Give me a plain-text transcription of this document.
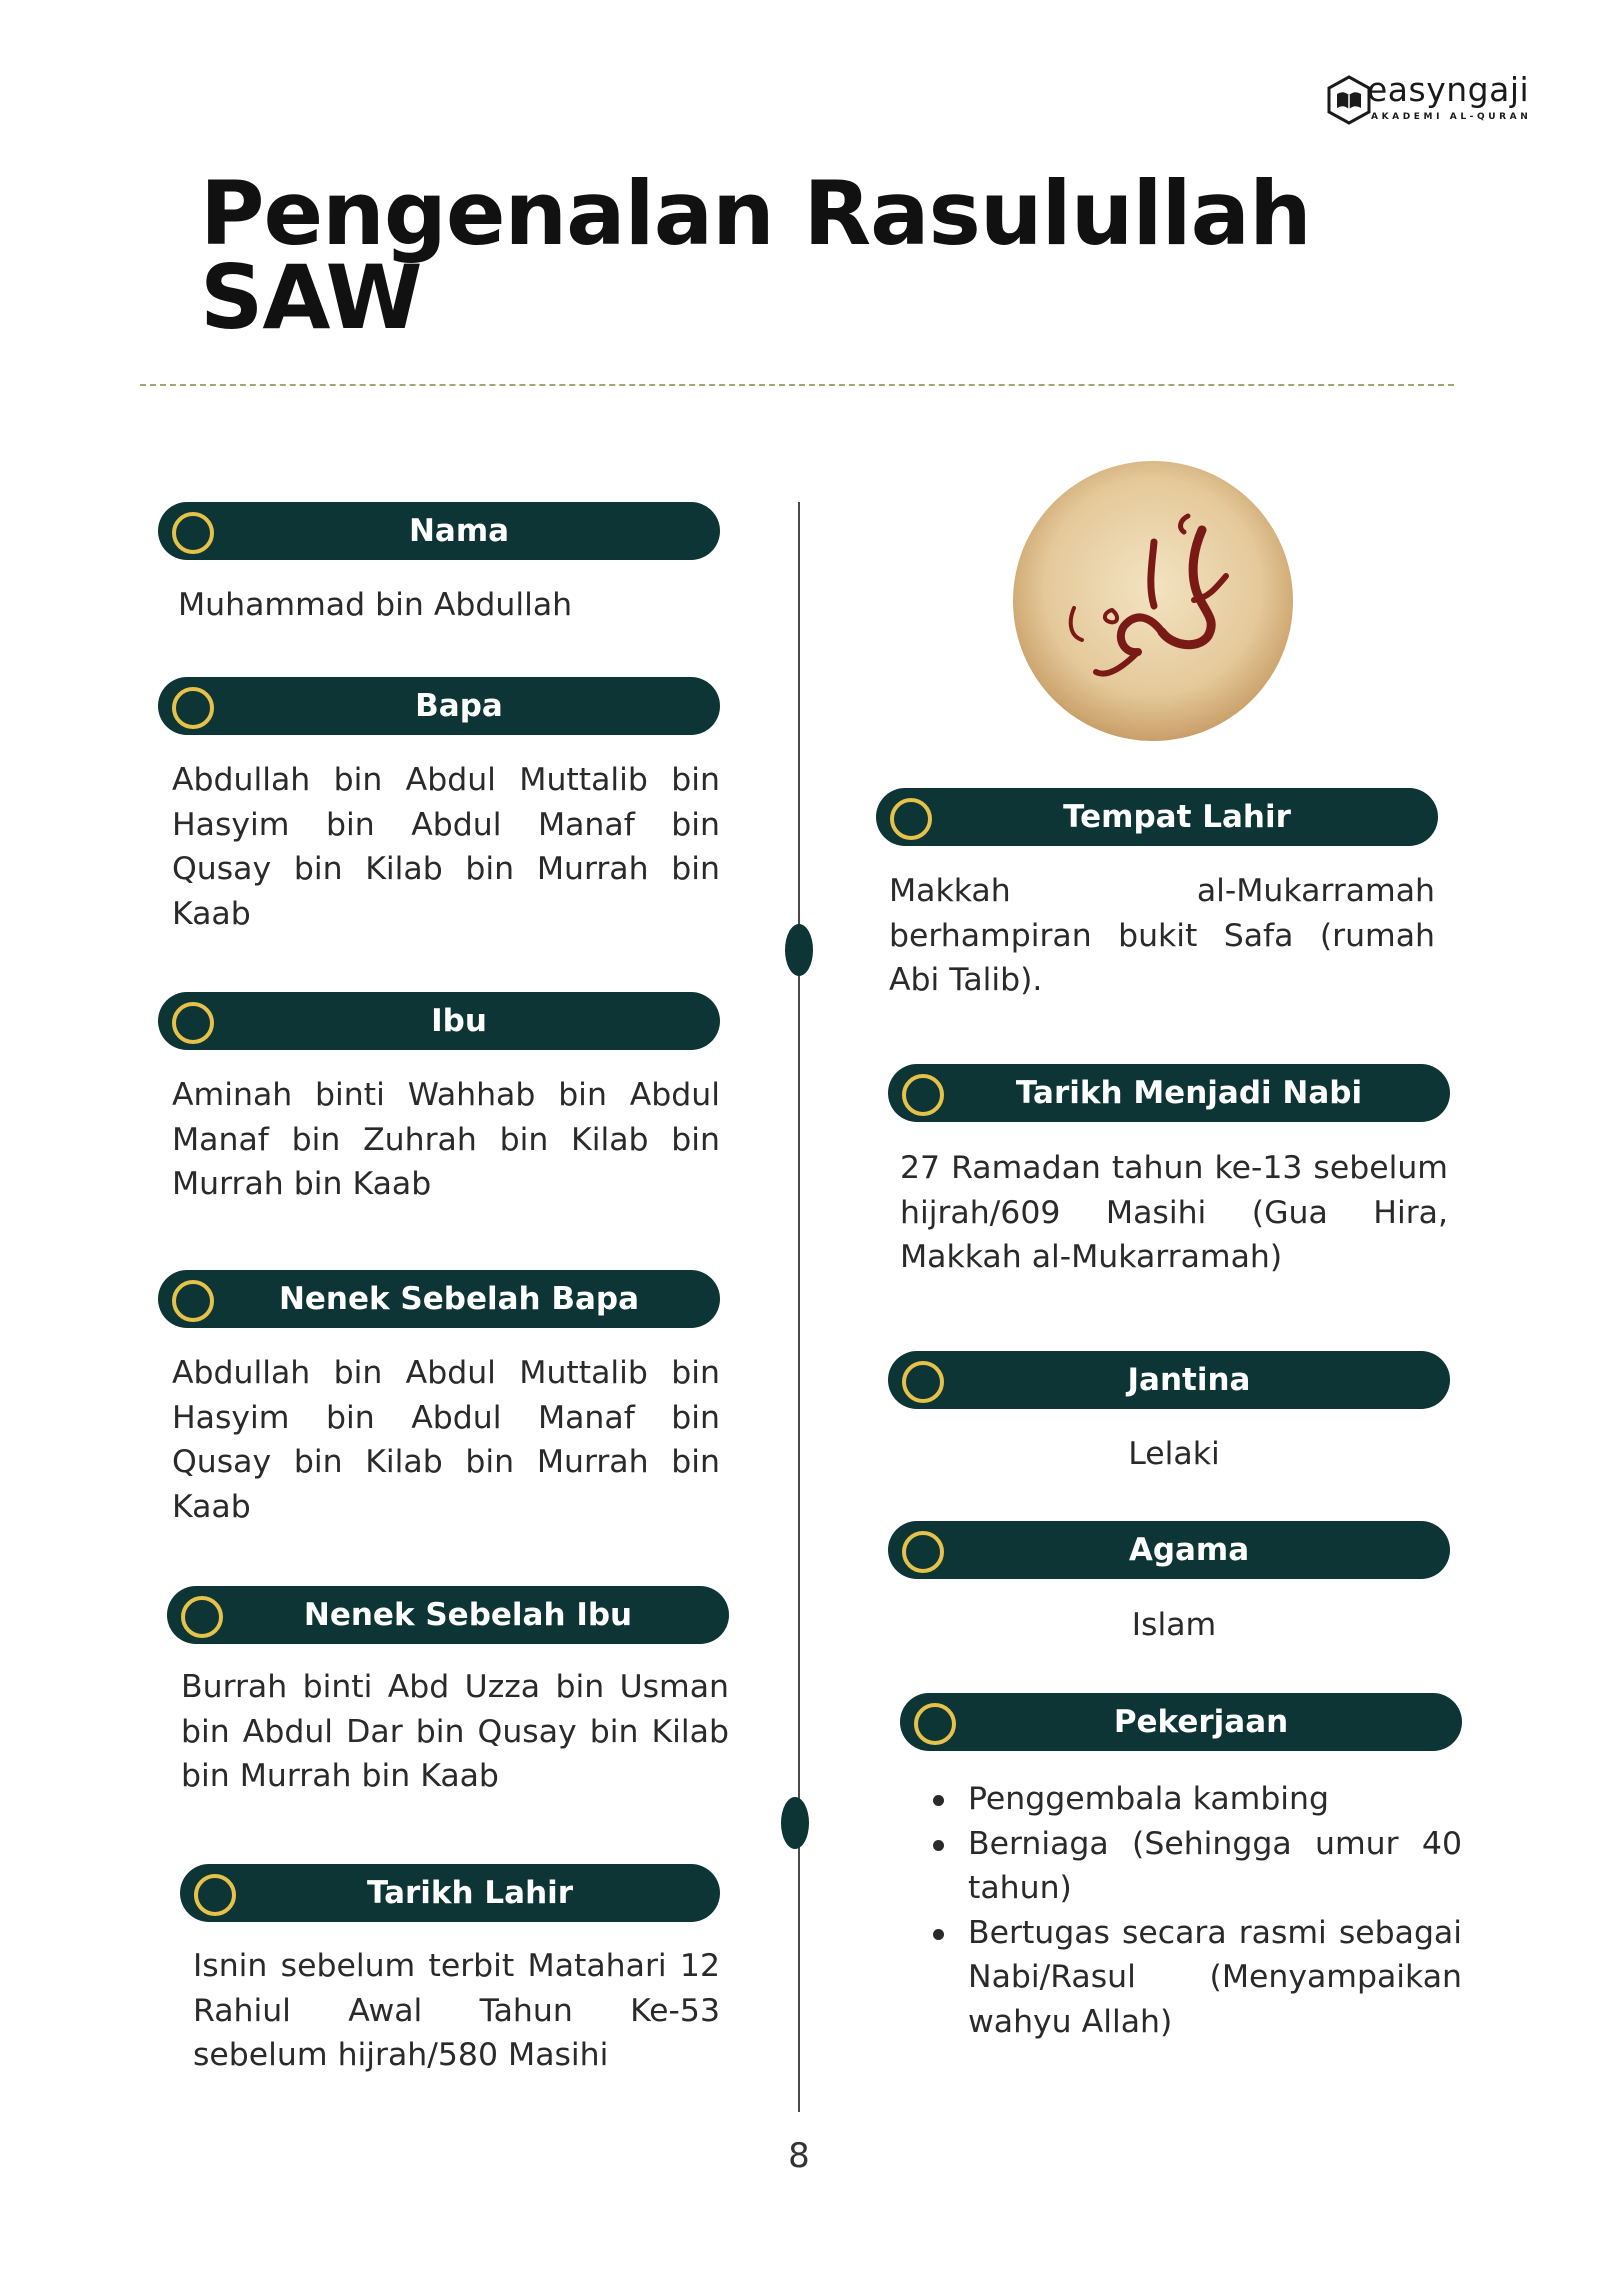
easyngaji
AKADEMI AL-QURAN
Pengenalan Rasulullah
SAW
Nama

Muhammad bin Abdullah

Bapa

Abdullah bin Abdul Muttalib bin Hasyim bin Abdul Manaf bin Qusay bin Kilab bin Murrah bin Kaab

Ibu

Aminah binti Wahhab bin Abdul Manaf bin Zuhrah bin Kilab bin Murrah bin Kaab

Nenek Sebelah Bapa

Abdullah bin Abdul Muttalib bin Hasyim bin Abdul Manaf bin Qusay bin Kilab bin Murrah bin Kaab

Nenek Sebelah Ibu

Burrah binti Abd Uzza bin Usman bin Abdul Dar bin Qusay bin Kilab bin Murrah bin Kaab

Tarikh Lahir

Isnin sebelum terbit Matahari 12 Rahiul Awal Tahun Ke-53 sebelum hijrah/580 Masihi

Tempat Lahir

Makkah al-Mukarramah berhampiran bukit Safa (rumah Abi Talib).

Tarikh Menjadi Nabi

27 Ramadan tahun ke-13 sebelum hijrah/609 Masihi (Gua Hira, Makkah al-Mukarramah)

Jantina

Lelaki

Agama

Islam

Pekerjaan
Penggembala kambing
Berniaga (Sehingga umur 40 tahun)
Bertugas secara rasmi sebagai Nabi/Rasul (Menyampaikan wahyu Allah)
8
